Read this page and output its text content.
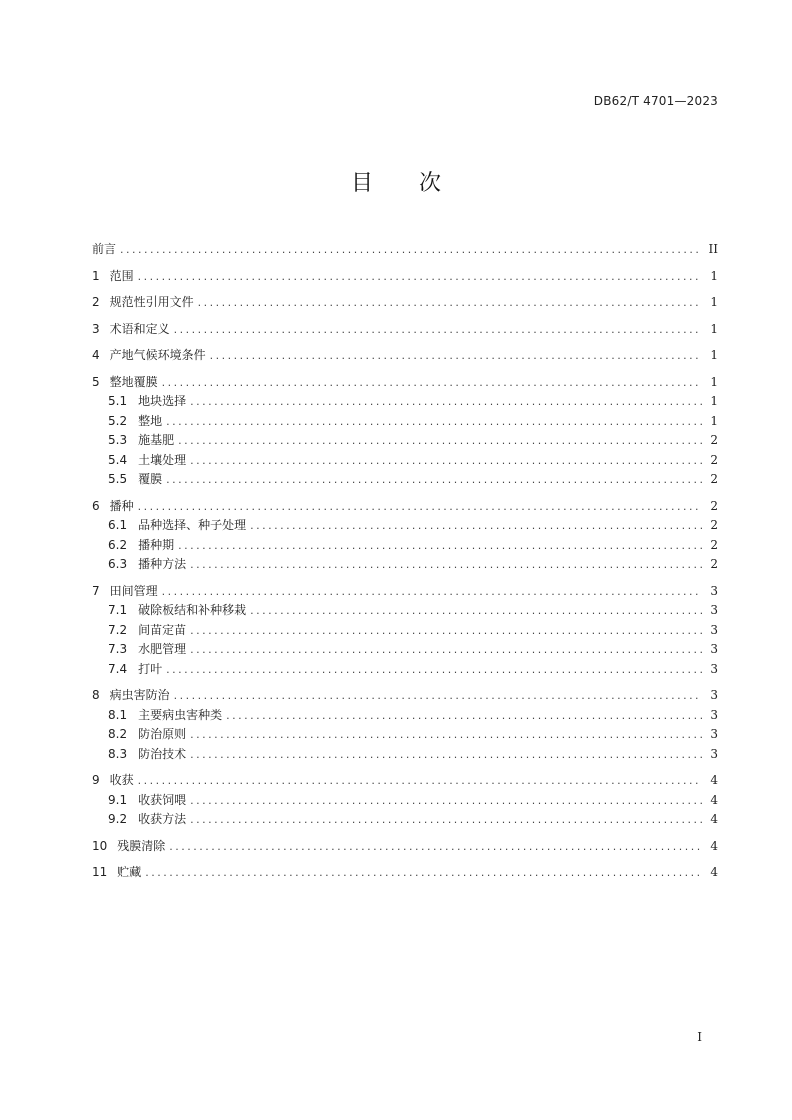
DB62/T 4701—2023
目 次
前言 . . .	II
1 范围 . . .	1
2 规范性引用文件 . . .	1
3 术语和定义 . . .	1
4 产地气候环境条件 . . .	1
5 整地覆膜 . . .	1
5.1 地块选择 . . .	1
5.2 整地 . . .	1
5.3 施基肥 . . .	2
5.4 土壤处理 . . .	2
5.5 覆膜 . . .	2
6 播种 . . .	2
6.1 品种选择、种子处理 . . .	2
6.2 播种期 . . .	2
6.3 播种方法 . . .	2
7 田间管理 . . .	3
7.1 破除板结和补种移栽 . . .	3
7.2 间苗定苗 . . .	3
7.3 水肥管理 . . .	3
7.4 打叶 . . .	3
8 病虫害防治 . . .	3
8.1 主要病虫害种类 . . .	3
8.2 防治原则 . . .	3
8.3 防治技术 . . .	3
9 收获 . . .	4
9.1 收获饲喂 . . .	4
9.2 收获方法 . . .	4
10 残膜清除 . . .	4
11 贮藏 . . .	4
I
